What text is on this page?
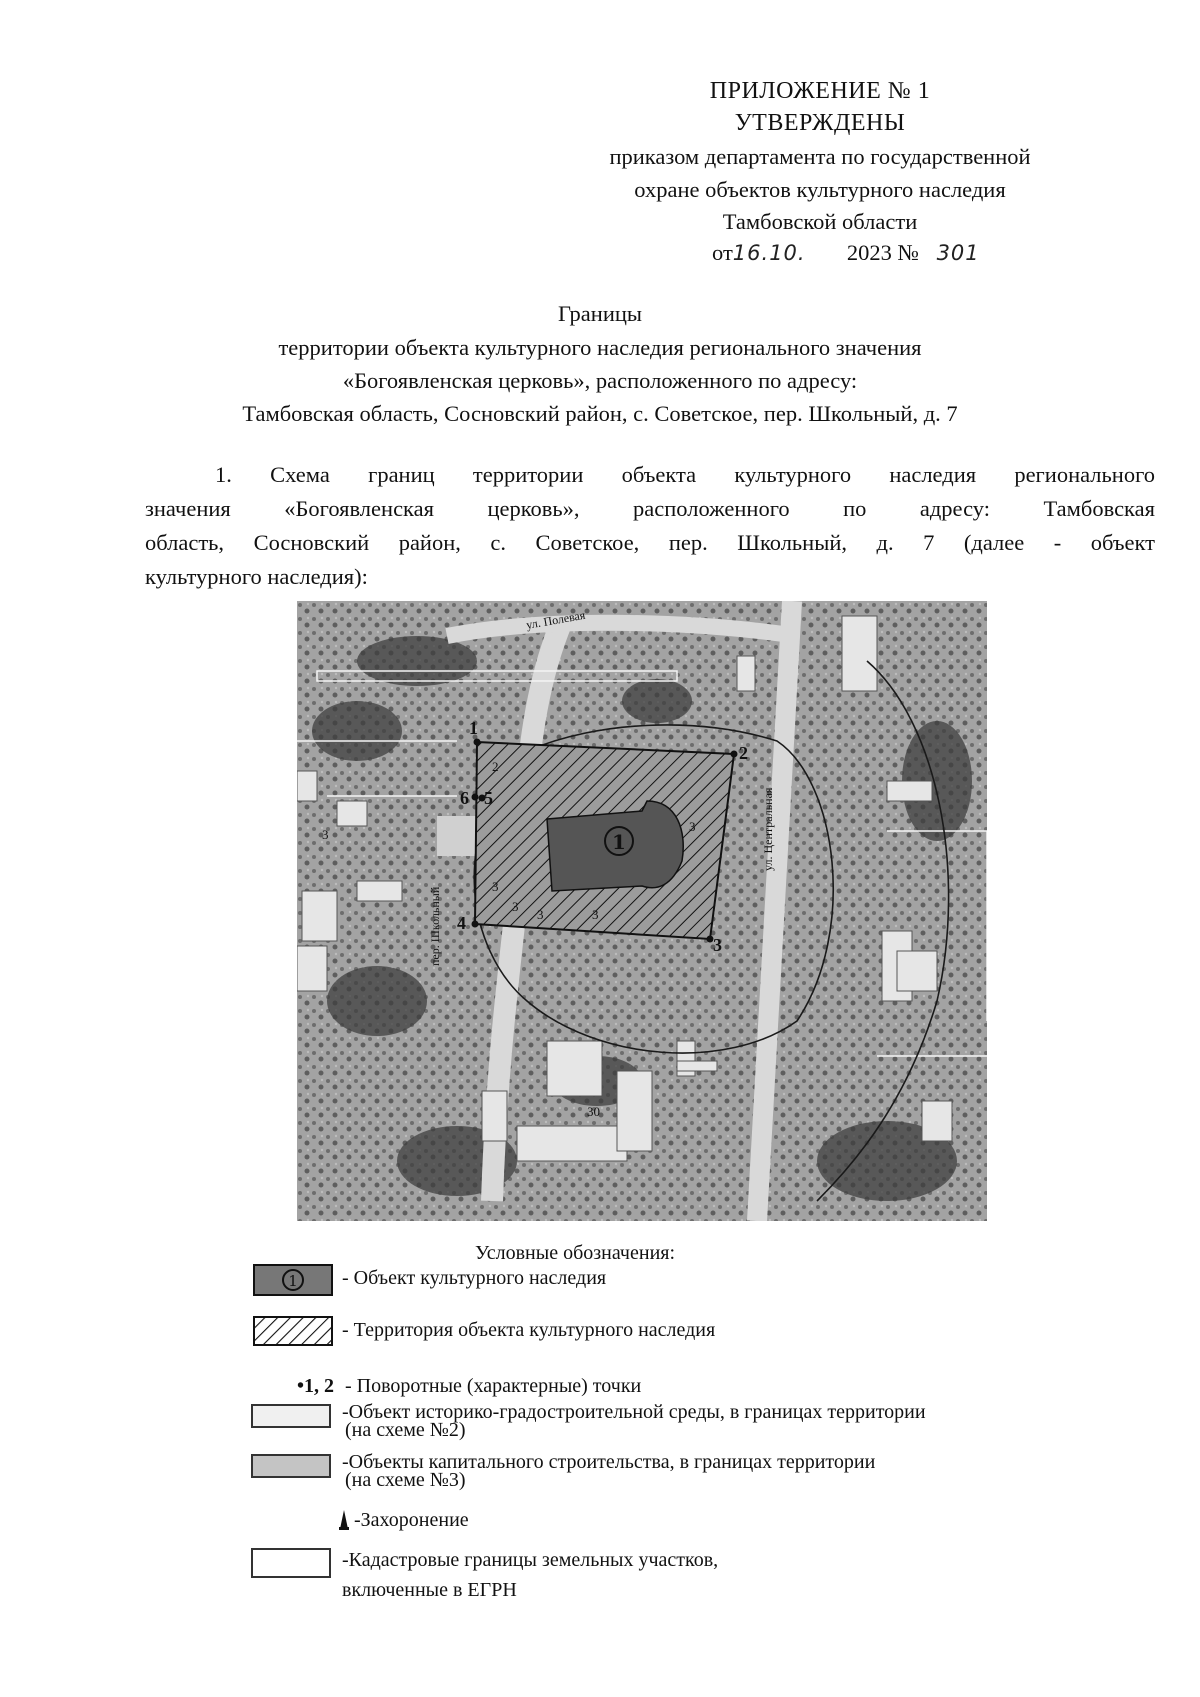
ПРИЛОЖЕНИЕ № 1
УТВЕРЖДЕНЫ
приказом департамента по государственной
охране объектов культурного наследия
Тамбовской области
от16.10. 2023 № 301
Границы
территории объекта культурного наследия регионального значения
«Богоявленская церковь», расположенного по адресу:
Тамбовская область, Сосновский район, с. Советское, пер. Школьный, д. 7
1. Схема границ территории объекта культурного наследия регионального
значения «Богоявленская церковь», расположенного по адресу: Тамбовская
область, Сосновский район, с. Советское, пер. Школьный, д. 7 (далее - объект
культурного наследия):
1
1
2
3
4
5
6
2
3
3
3	3
3
3
30
ул. Полевая
ул. Центральная
пер. Школьный
Условные обозначения:
1 - Объект культурного наследия
- Территория объекта культурного наследия
•1, 2 - Поворотные (характерные) точки
-Объект историко-градостроительной среды, в границах территории
(на схеме №2)
-Объекты капитального строительства, в границах территории
(на схеме №3)
-Захоронение
-Кадастровые границы земельных участков,
включенные в ЕГРН
